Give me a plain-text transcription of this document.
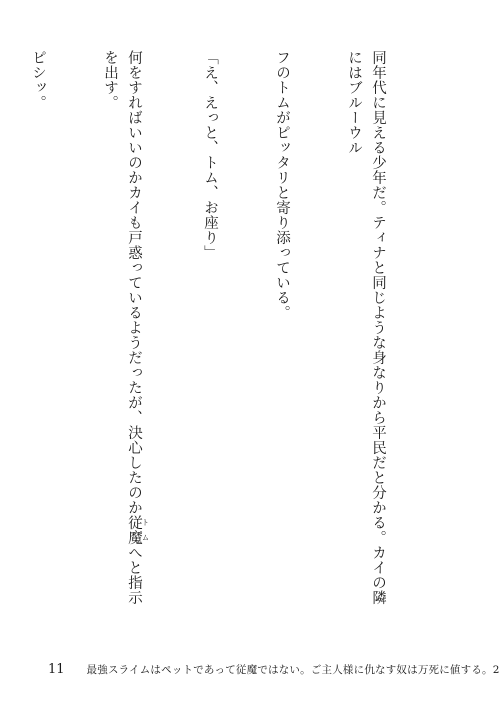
同年代に見える少年だ。ティナと同じような身なりから平民だと分かる。カイの隣にはブルーウル

フのトムがピッタリと寄り添っている。

「え、えっと、トム、お座り」

何をすればいいのかカイも戸惑っているようだったが、決心したのか従魔 トムへと指示を出す。

ピシッ。

11 最強スライムはペットであって従魔ではない。ご主人様に仇なす奴は万死に値する。2
